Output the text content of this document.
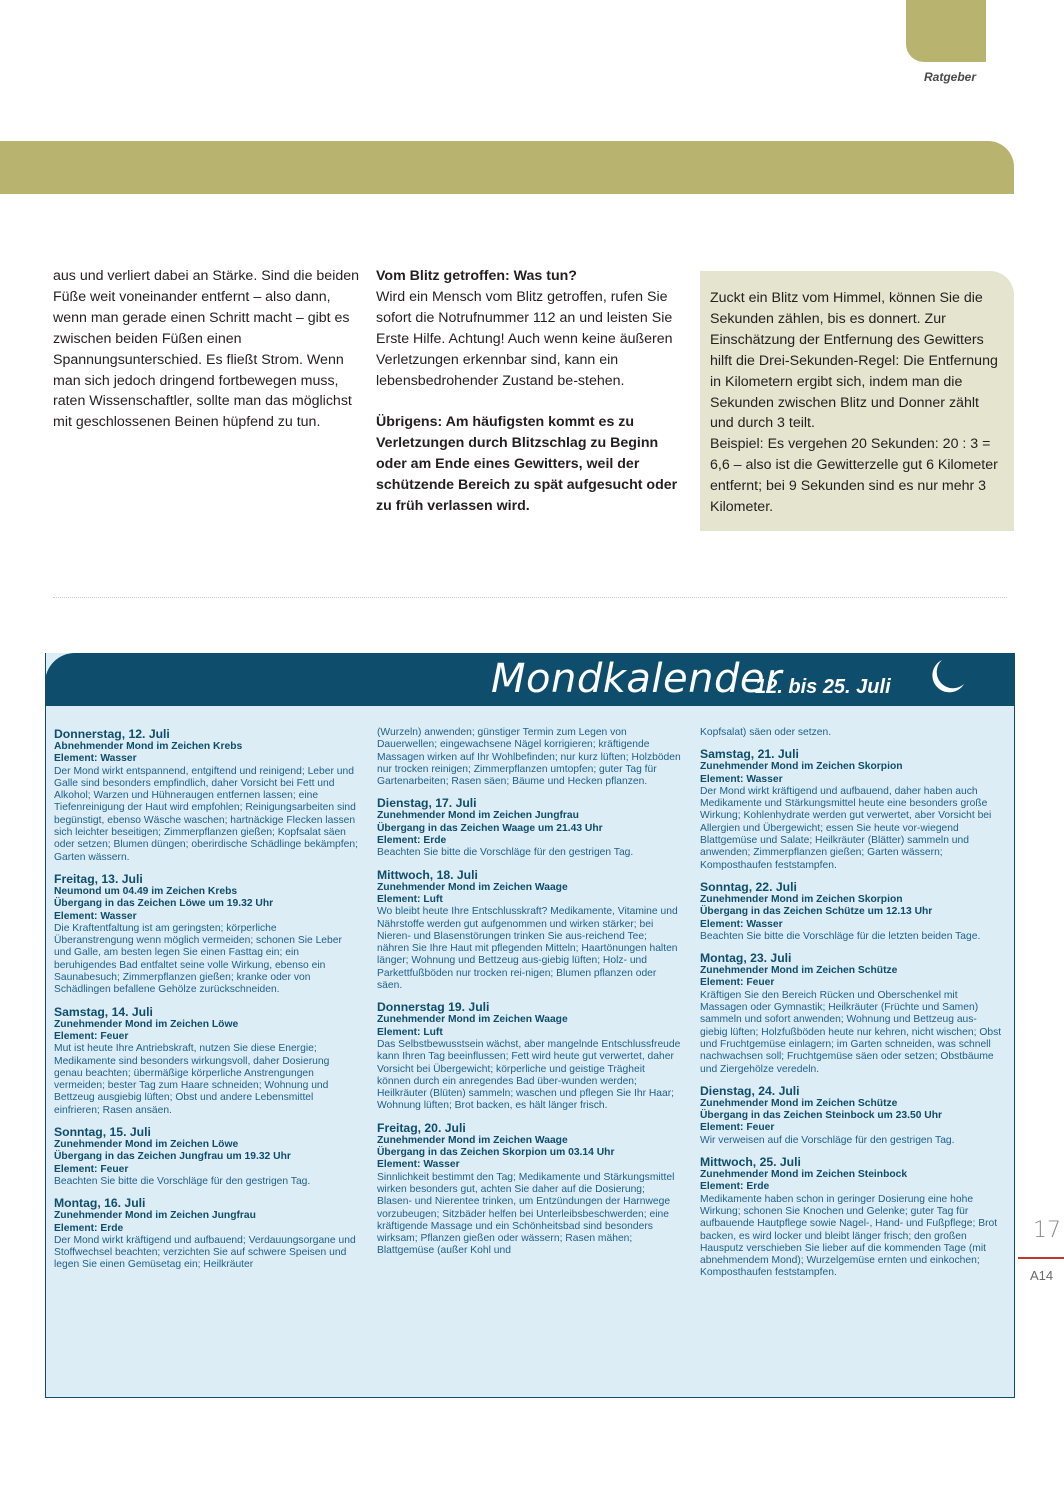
Ratgeber

aus und verliert dabei an Stärke. Sind die beiden Füße weit voneinander entfernt – also dann, wenn man gerade einen Schritt macht – gibt es zwischen beiden Füßen einen Spannungsunterschied. Es fließt Strom. Wenn man sich jedoch dringend fortbewegen muss, raten Wissenschaftler, sollte man das möglichst mit geschlossenen Beinen hüpfend zu tun.

Vom Blitz getroffen: Was tun?

Wird ein Mensch vom Blitz getroffen, rufen Sie sofort die Notrufnummer 112 an und leisten Sie Erste Hilfe. Achtung! Auch wenn keine äußeren Verletzungen erkennbar sind, kann ein lebensbedrohender Zustand be-stehen.

Übrigens: Am häufigsten kommt es zu Verletzungen durch Blitzschlag zu Beginn oder am Ende eines Gewitters, weil der schützende Bereich zu spät aufgesucht oder zu früh verlassen wird.

Zuckt ein Blitz vom Himmel, können Sie die Sekunden zählen, bis es donnert. Zur Einschätzung der Entfernung des Gewitters hilft die Drei-Sekunden-Regel: Die Entfernung in Kilometern ergibt sich, indem man die Sekunden zwischen Blitz und Donner zählt und durch 3 teilt.
Beispiel: Es vergehen 20 Sekunden: 20 : 3 = 6,6 – also ist die Gewitterzelle gut 6 Kilometer entfernt; bei 9 Sekunden sind es nur mehr 3 Kilometer.
Mondkalender
12. bis 25. Juli

Donnerstag, 12. Juli

Abnehmender Mond im Zeichen Krebs

Element: Wasser

Der Mond wirkt entspannend, entgiftend und reinigend; Leber und Galle sind besonders empfindlich, daher Vorsicht bei Fett und Alkohol; Warzen und Hühneraugen entfernen lassen; eine Tiefenreinigung der Haut wird empfohlen; Reinigungsarbeiten sind begünstigt, ebenso Wäsche waschen; hartnäckige Flecken lassen sich leichter beseitigen; Zimmerpflanzen gießen; Kopfsalat säen oder setzen; Blumen düngen; oberirdische Schädlinge bekämpfen; Garten wässern.

Freitag, 13. Juli

Neumond um 04.49 im Zeichen Krebs

Übergang in das Zeichen Löwe um 19.32 Uhr

Element: Wasser

Die Kraftentfaltung ist am geringsten; körperliche Überanstrengung wenn möglich vermeiden; schonen Sie Leber und Galle, am besten legen Sie einen Fasttag ein; ein beruhigendes Bad entfaltet seine volle Wirkung, ebenso ein Saunabesuch; Zimmerpflanzen gießen; kranke oder von Schädlingen befallene Gehölze zurückschneiden.

Samstag, 14. Juli

Zunehmender Mond im Zeichen Löwe

Element: Feuer

Mut ist heute Ihre Antriebskraft, nutzen Sie diese Energie; Medikamente sind besonders wirkungsvoll, daher Dosierung genau beachten; übermäßige körperliche Anstrengungen vermeiden; bester Tag zum Haare schneiden; Wohnung und Bettzeug ausgiebig lüften; Obst und andere Lebensmittel einfrieren; Rasen ansäen.

Sonntag, 15. Juli

Zunehmender Mond im Zeichen Löwe

Übergang in das Zeichen Jungfrau um 19.32 Uhr

Element: Feuer

Beachten Sie bitte die Vorschläge für den gestrigen Tag.

Montag, 16. Juli

Zunehmender Mond im Zeichen Jungfrau

Element: Erde

Der Mond wirkt kräftigend und aufbauend; Verdauungsorgane und Stoffwechsel beachten; verzichten Sie auf schwere Speisen und legen Sie einen Gemüsetag ein; Heilkräuter

(Wurzeln) anwenden; günstiger Termin zum Legen von Dauerwellen; eingewachsene Nägel korrigieren; kräftigende Massagen wirken auf Ihr Wohlbefinden; nur kurz lüften; Holzböden nur trocken reinigen; Zimmerpflanzen umtopfen; guter Tag für Gartenarbeiten; Rasen säen; Bäume und Hecken pflanzen.

Dienstag, 17. Juli

Zunehmender Mond im Zeichen Jungfrau

Übergang in das Zeichen Waage um 21.43 Uhr

Element: Erde

Beachten Sie bitte die Vorschläge für den gestrigen Tag.

Mittwoch, 18. Juli

Zunehmender Mond im Zeichen Waage

Element: Luft

Wo bleibt heute Ihre Entschlusskraft? Medikamente, Vitamine und Nährstoffe werden gut aufgenommen und wirken stärker; bei Nieren- und Blasenstörungen trinken Sie aus-reichend Tee; nähren Sie Ihre Haut mit pflegenden Mitteln; Haartönungen halten länger; Wohnung und Bettzeug aus-giebig lüften; Holz- und Parkettfußböden nur trocken rei-nigen; Blumen pflanzen oder säen.

Donnerstag 19. Juli

Zunehmender Mond im Zeichen Waage

Element: Luft

Das Selbstbewusstsein wächst, aber mangelnde Entschlussfreude kann Ihren Tag beeinflussen; Fett wird heute gut verwertet, daher Vorsicht bei Übergewicht; körperliche und geistige Trägheit können durch ein anregendes Bad über-wunden werden; Heilkräuter (Blüten) sammeln; waschen und pflegen Sie Ihr Haar; Wohnung lüften; Brot backen, es hält länger frisch.

Freitag, 20. Juli

Zunehmender Mond im Zeichen Waage

Übergang in das Zeichen Skorpion um 03.14 Uhr

Element: Wasser

Sinnlichkeit bestimmt den Tag; Medikamente und Stärkungsmittel wirken besonders gut, achten Sie daher auf die Dosierung; Blasen- und Nierentee trinken, um Entzündungen der Harnwege vorzubeugen; Sitzbäder helfen bei Unterleibsbeschwerden; eine kräftigende Massage und ein Schönheitsbad sind besonders wirksam; Pflanzen gießen oder wässern; Rasen mähen; Blattgemüse (außer Kohl und

Kopfsalat) säen oder setzen.

Samstag, 21. Juli

Zunehmender Mond im Zeichen Skorpion

Element: Wasser

Der Mond wirkt kräftigend und aufbauend, daher haben auch Medikamente und Stärkungsmittel heute eine besonders große Wirkung; Kohlenhydrate werden gut verwertet, aber Vorsicht bei Allergien und Übergewicht; essen Sie heute vor-wiegend Blattgemüse und Salate; Heilkräuter (Blätter) sammeln und anwenden; Zimmerpflanzen gießen; Garten wässern; Komposthaufen feststampfen.

Sonntag, 22. Juli

Zunehmender Mond im Zeichen Skorpion

Übergang in das Zeichen Schütze um 12.13 Uhr

Element: Wasser

Beachten Sie bitte die Vorschläge für die letzten beiden Tage.

Montag, 23. Juli

Zunehmender Mond im Zeichen Schütze

Element: Feuer

Kräftigen Sie den Bereich Rücken und Oberschenkel mit Massagen oder Gymnastik; Heilkräuter (Früchte und Samen) sammeln und sofort anwenden; Wohnung und Bettzeug aus-giebig lüften; Holzfußböden heute nur kehren, nicht wischen; Obst und Fruchtgemüse einlagern; im Garten schneiden, was schnell nachwachsen soll; Fruchtgemüse säen oder setzen; Obstbäume und Ziergehölze veredeln.

Dienstag, 24. Juli

Zunehmender Mond im Zeichen Schütze

Übergang in das Zeichen Steinbock um 23.50 Uhr

Element: Feuer

Wir verweisen auf die Vorschläge für den gestrigen Tag.

Mittwoch, 25. Juli

Zunehmender Mond im Zeichen Steinbock

Element: Erde

Medikamente haben schon in geringer Dosierung eine hohe Wirkung; schonen Sie Knochen und Gelenke; guter Tag für aufbauende Hautpflege sowie Nagel-, Hand- und Fußpflege; Brot backen, es wird locker und bleibt länger frisch; den großen Hausputz verschieben Sie lieber auf die kommenden Tage (mit abnehmendem Mond); Wurzelgemüse ernten und einkochen; Komposthaufen feststampfen.

17
A14
